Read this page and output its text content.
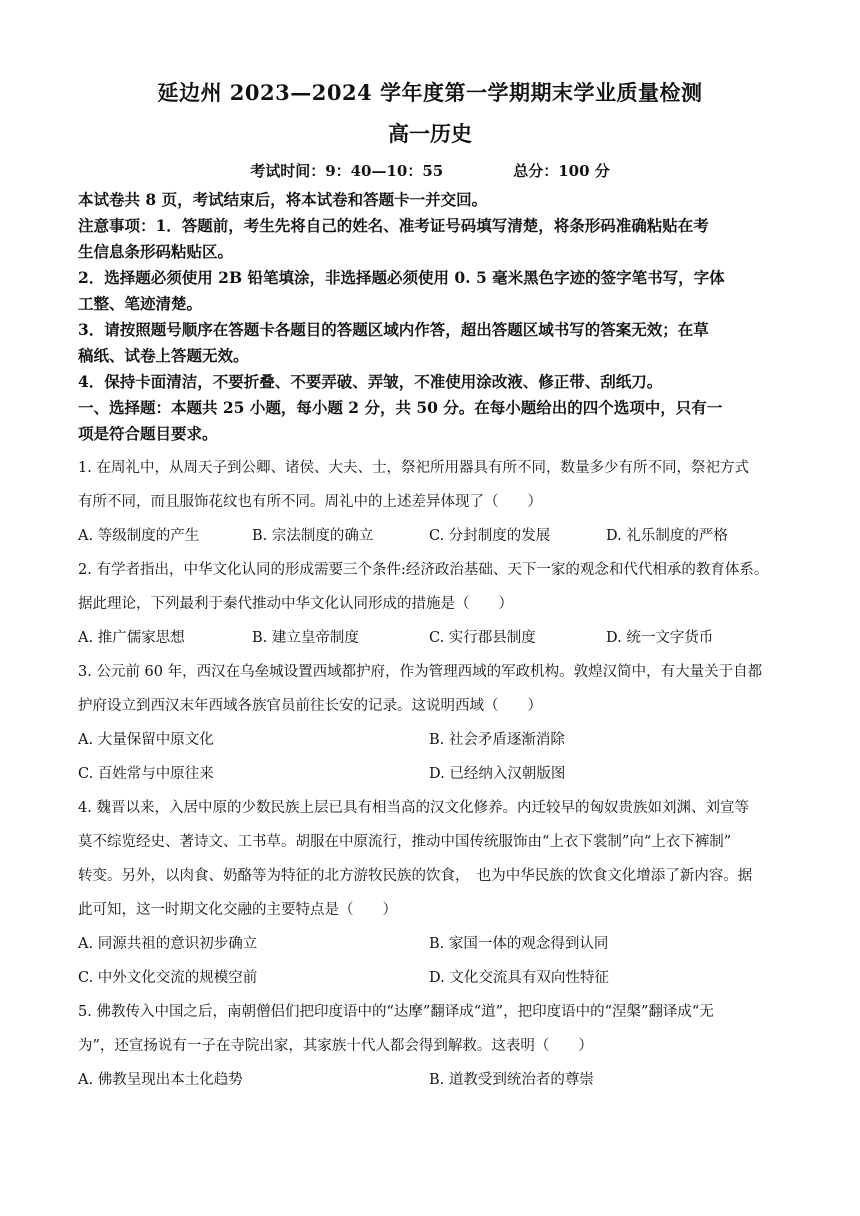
延边州 2023—2024 学年度第一学期期末学业质量检测
高一历史
考试时间：9：40—10：55	总分：100 分
本试卷共 8 页，考试结束后，将本试卷和答题卡一并交回。
注意事项：1．答题前，考生先将自己的姓名、准考证号码填写清楚，将条形码准确粘贴在考
生信息条形码粘贴区。
2．选择题必须使用 2B 铅笔填涂，非选择题必须使用 0. 5 毫米黑色字迹的签字笔书写，字体
工整、笔迹清楚。
3．请按照题号顺序在答题卡各题目的答题区域内作答，超出答题区域书写的答案无效；在草
稿纸、试卷上答题无效。
4．保持卡面清洁，不要折叠、不要弄破、弄皱，不准使用涂改液、修正带、刮纸刀。
一、选择题：本题共 25 小题，每小题 2 分，共 50 分。在每小题给出的四个选项中，只有一
项是符合题目要求。
1. 在周礼中，从周天子到公卿、诸侯、大夫、士，祭祀所用器具有所不同，数量多少有所不同，祭祀方式
有所不同，而且服饰花纹也有所不同。周礼中的上述差异体现了（　　）
A. 等级制度的产生	B. 宗法制度的确立	C. 分封制度的发展	D. 礼乐制度的严格
2. 有学者指出，中华文化认同的形成需要三个条件:经济政治基础、天下一家的观念和代代相承的教育体系。
据此理论，下列最利于秦代推动中华文化认同形成的措施是（　　）
A. 推广儒家思想	B. 建立皇帝制度	C. 实行郡县制度	D. 统一文字货币
3. 公元前 60 年，西汉在乌垒城设置西域都护府，作为管理西域的军政机构。敦煌汉简中，有大量关于自都
护府设立到西汉末年西域各族官员前往长安的记录。这说明西域（　　）
A. 大量保留中原文化	B. 社会矛盾逐渐消除
C. 百姓常与中原往来	D. 已经纳入汉朝版图
4. 魏晋以来，入居中原的少数民族上层已具有相当高的汉文化修养。内迁较早的匈奴贵族如刘渊、刘宣等
莫不综览经史、著诗文、工书草。胡服在中原流行，推动中国传统服饰由“上衣下裳制”向“上衣下裤制”
转变。另外，以肉食、奶酪等为特征的北方游牧民族的饮食，　也为中华民族的饮食文化增添了新内容。据
此可知，这一时期文化交融的主要特点是（　　）
A. 同源共祖的意识初步确立	B. 家国一体的观念得到认同
C. 中外文化交流的规模空前	D. 文化交流具有双向性特征
5. 佛教传入中国之后，南朝僧侣们把印度语中的“达摩”翻译成“道”，把印度语中的“涅槃”翻译成“无
为”，还宣扬说有一子在寺院出家，其家族十代人都会得到解救。这表明（　　）
A. 佛教呈现出本土化趋势	B. 道教受到统治者的尊崇
